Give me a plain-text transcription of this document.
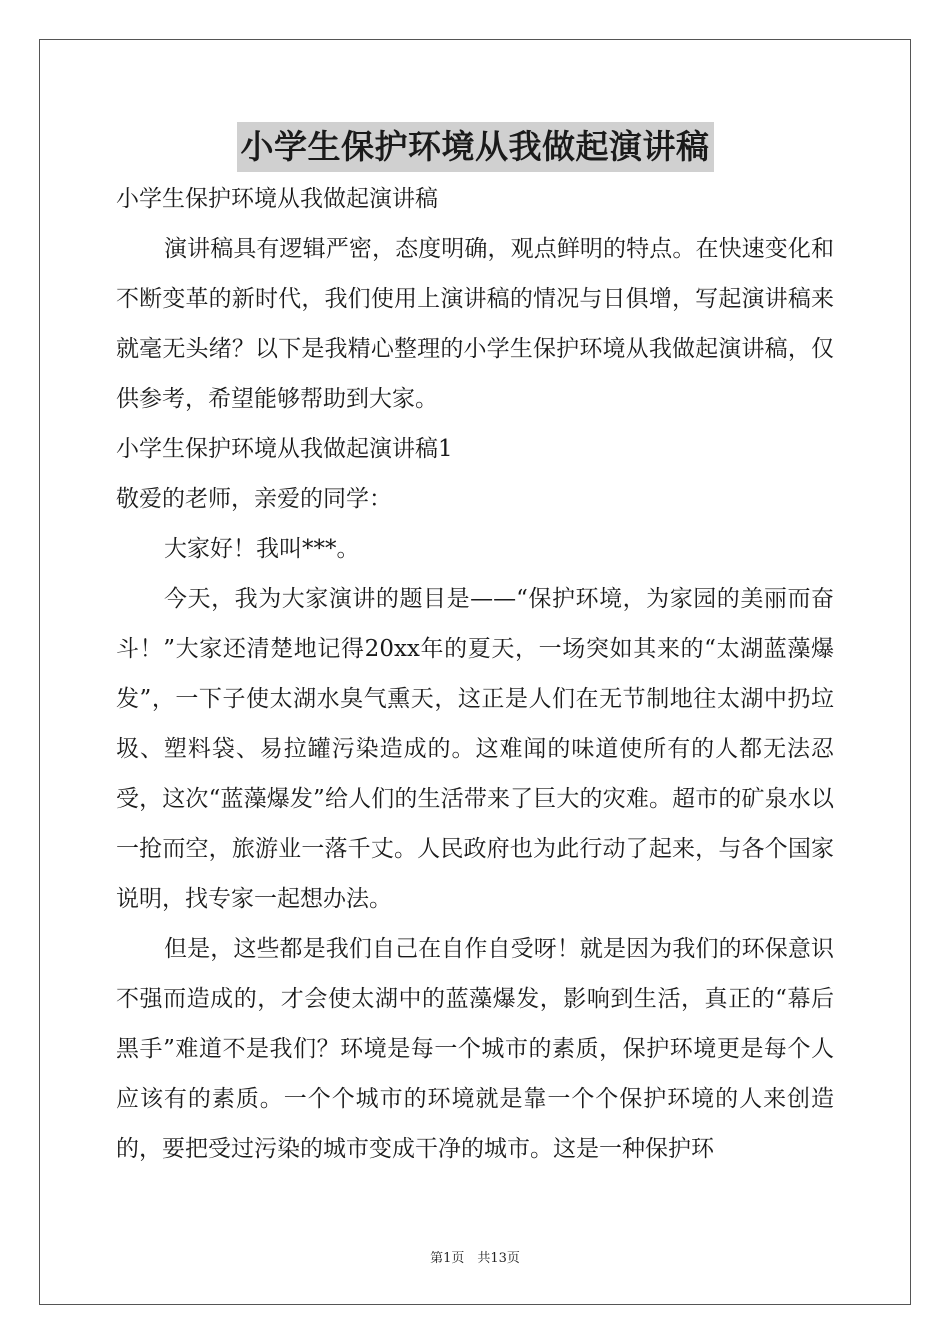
小学生保护环境从我做起演讲稿

小学生保护环境从我做起演讲稿

演讲稿具有逻辑严密，态度明确，观点鲜明的特点。在快速变化和不断变革的新时代，我们使用上演讲稿的情况与日俱增，写起演讲稿来就毫无头绪？以下是我精心整理的小学生保护环境从我做起演讲稿，仅供参考，希望能够帮助到大家。

小学生保护环境从我做起演讲稿1

敬爱的老师，亲爱的同学：

大家好！我叫***。

今天，我为大家演讲的题目是——“保护环境，为家园的美丽而奋斗！”大家还清楚地记得20xx年的夏天，一场突如其来的“太湖蓝藻爆发”，一下子使太湖水臭气熏天，这正是人们在无节制地往太湖中扔垃圾、塑料袋、易拉罐污染造成的。这难闻的味道使所有的人都无法忍受，这次“蓝藻爆发”给人们的生活带来了巨大的灾难。超市的矿泉水以一抢而空，旅游业一落千丈。人民政府也为此行动了起来，与各个国家说明，找专家一起想办法。

但是，这些都是我们自己在自作自受呀！就是因为我们的环保意识不强而造成的，才会使太湖中的蓝藻爆发，影响到生活，真正的“幕后黑手”难道不是我们？环境是每一个城市的素质，保护环境更是每个人应该有的素质。一个个城市的环境就是靠一个个保护环境的人来创造的，要把受过污染的城市变成干净的城市。这是一种保护环

第1页　共13页
